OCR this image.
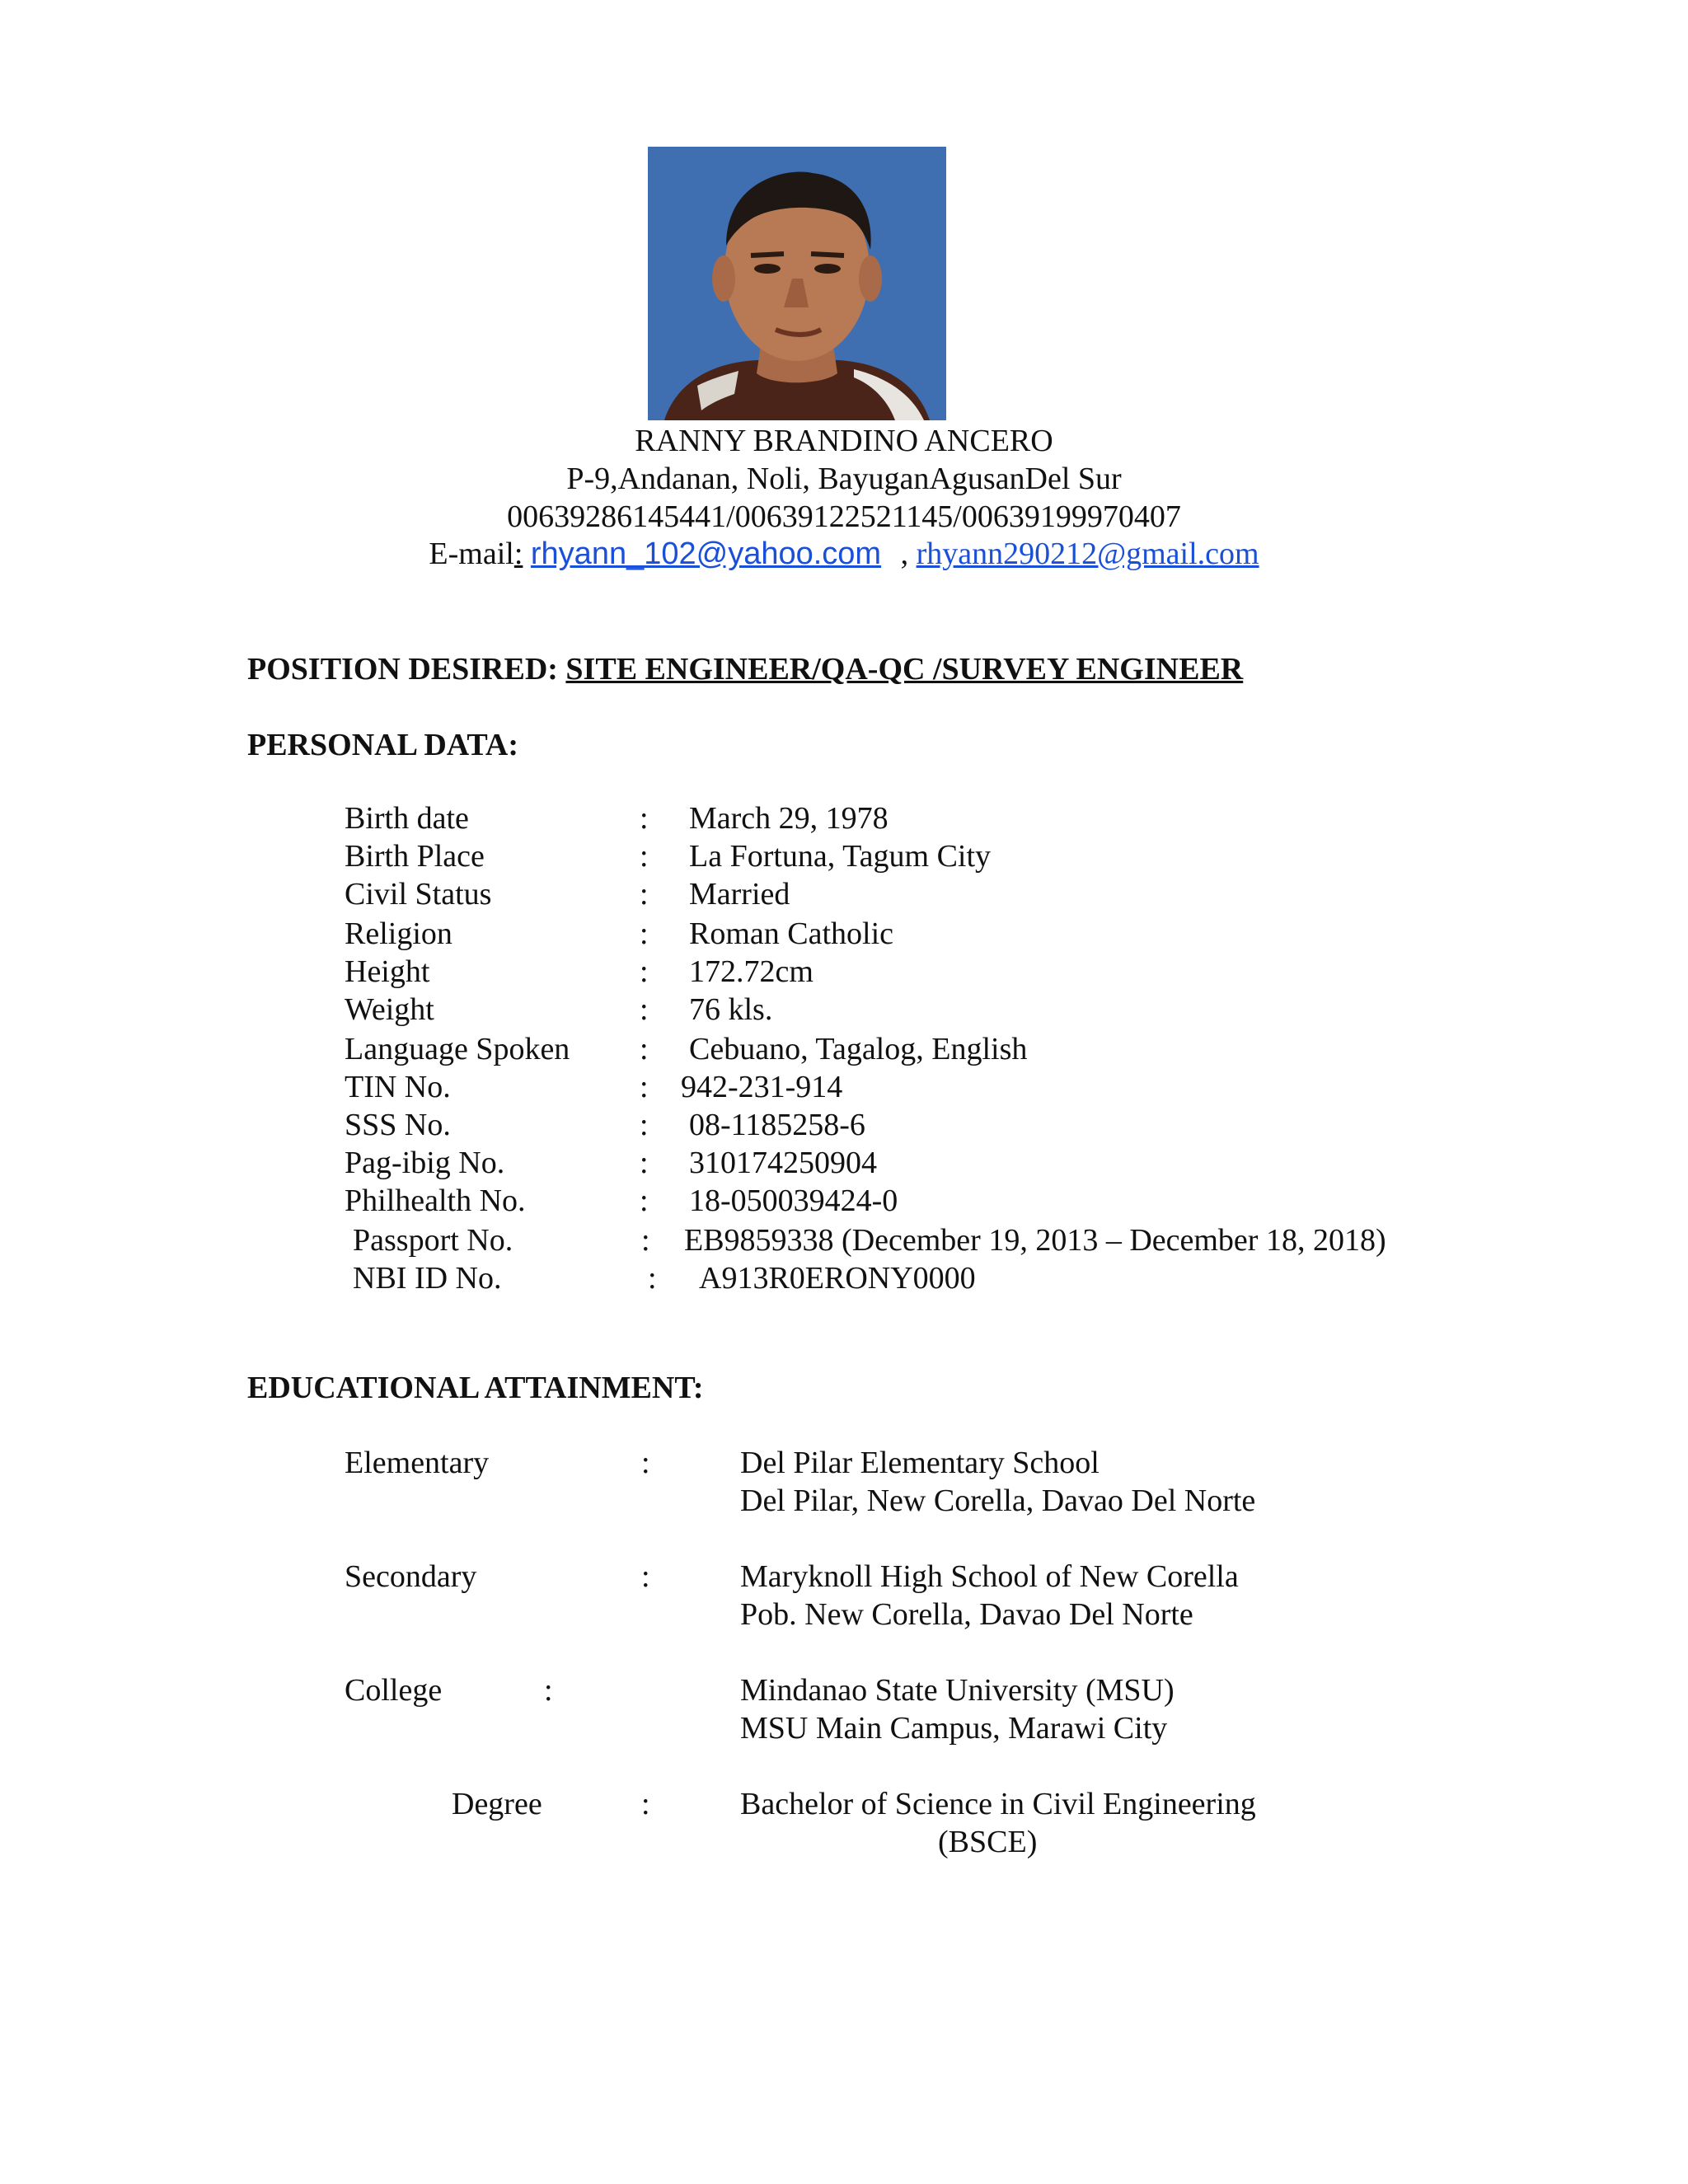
RANNY BRANDINO ANCERO
P-9,Andanan, Noli, BayuganAgusanDel Sur
00639286145441/00639122521145/00639199970407
E-mail: rhyann_102@yahoo.com , rhyann290212@gmail.com
POSITION DESIRED: SITE ENGINEER/QA-QC /SURVEY ENGINEER
PERSONAL DATA:
Birth date	: March 29, 1978
Birth Place	: La Fortuna, Tagum City
Civil Status	: Married
Religion	: Roman Catholic
Height	: 172.72cm
Weight	: 76 kls.
Language Spoken : Cebuano, Tagalog, English
TIN No.	: 942-231-914
SSS No.	: 08-1185258-6
Pag-ibig No.	: 310174250904
Philhealth No.	: 18-050039424-0
Passport No.	: EB9859338 (December 19, 2013 – December 18, 2018)
NBI ID No.	: A913R0ERONY0000
EDUCATIONAL ATTAINMENT:
Elementary	:	Del Pilar Elementary School
Del Pilar, New Corella, Davao Del Norte
Secondary	:	Maryknoll High School of New Corella
Pob. New Corella, Davao Del Norte
College	:	Mindanao State University (MSU)
MSU Main Campus, Marawi City
Degree	:	Bachelor of Science in Civil Engineering
(BSCE)
